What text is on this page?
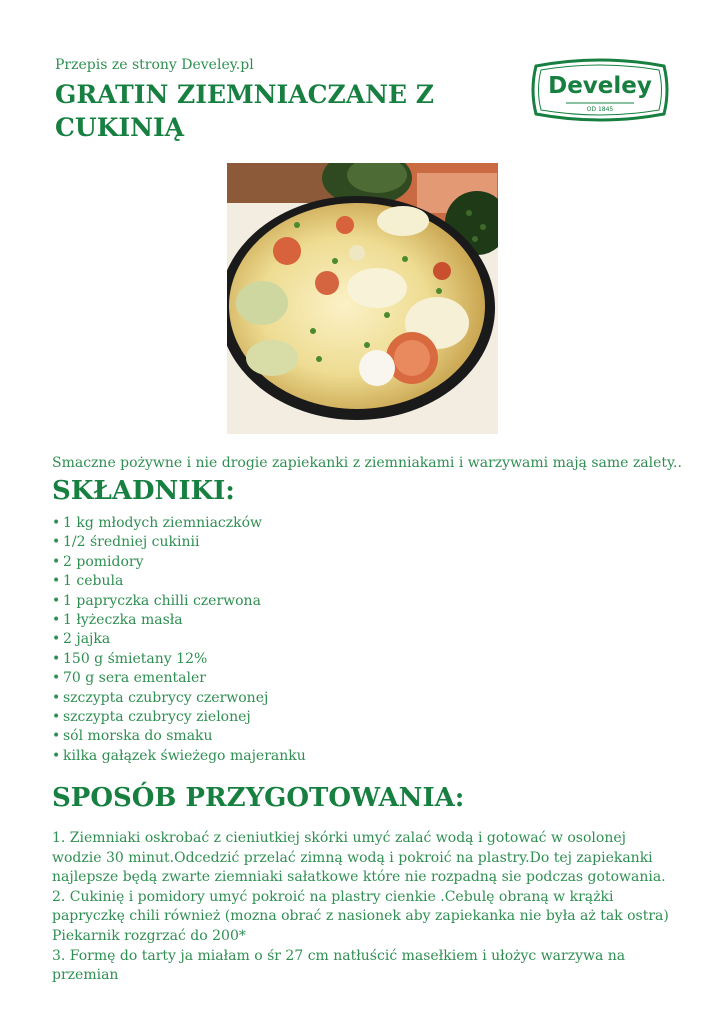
Przepis ze strony Develey.pl
GRATIN ZIEMNIACZANE Z CUKINIĄ
Develey
OD 1845
Smaczne pożywne i nie drogie zapiekanki z ziemniakami i warzywami mają same zalety..
SKŁADNIKI:
• 1 kg młodych ziemniaczków
• 1/2 średniej cukinii
• 2 pomidory
• 1 cebula
• 1 papryczka chilli czerwona
• 1 łyżeczka masła
• 2 jajka
• 150 g śmietany 12%
• 70 g sera ementaler
• szczypta czubrycy czerwonej
• szczypta czubrycy zielonej
• sól morska do smaku
• kilka gałązek świeżego majeranku
SPOSÓB PRZYGOTOWANIA:

1. Ziemniaki oskrobać z cieniutkiej skórki umyć zalać wodą i gotować w osolonej wodzie 30 minut.Odcedzić przelać zimną wodą i pokroić na plastry.Do tej zapiekanki najlepsze będą zwarte ziemniaki sałatkowe które nie rozpadną sie podczas gotowania.

2. Cukinię i pomidory umyć pokroić na plastry cienkie .Cebulę obraną w krążki papryczkę chili również (mozna obrać z nasionek aby zapiekanka nie była aż tak ostra) Piekarnik rozgrzać do 200*

3. Formę do tarty ja miałam o śr 27 cm natłuścić masełkiem i ułożyc warzywa na przemian
